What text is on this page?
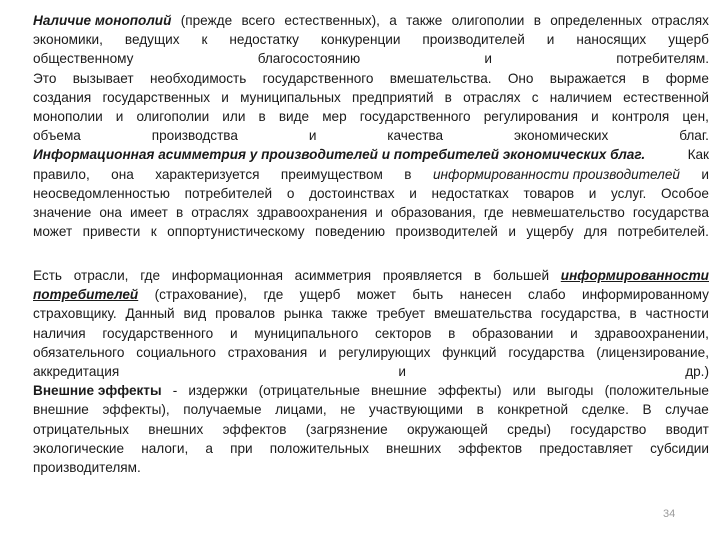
Наличие монополий (прежде всего естественных), а также олигополии в определенных отраслях
экономики, ведущих к недостатку конкуренции производителей и наносящих ущерб
общественному	благосостоянию	и	потребителям.
Это вызывает необходимость государственного вмешательства. Оно выражается в форме
создания государственных и муниципальных предприятий в отраслях с наличием естественной
монополии и олигополии или в виде мер государственного регулирования и контроля цен,
объема	производства	и	качества	экономических	благ.
Информационная асимметрия у производителей и потребителей экономических благ.	Как
правило, она характеризуется преимуществом в информированности производителей и
неосведомленностью потребителей о достоинствах и недостатках товаров и услуг. Особое
значение она имеет в отраслях здравоохранения и образования, где невмешательство государства
может привести к оппортунистическому поведению производителей и ущербу для потребителей.
Есть отрасли, где информационная асимметрия проявляется в большей информированности
потребителей (страхование), где ущерб может быть нанесен слабо информированному
страховщику. Данный вид провалов рынка также требует вмешательства государства, в частности
наличия государственного и муниципального секторов в образовании и здравоохранении,
обязательного социального страхования и регулирующих функций государства (лицензирование,
аккредитация	и	др.)
Внешние эффекты - издержки (отрицательные внешние эффекты) или выгоды (положительные
внешние эффекты), получаемые лицами, не участвующими в конкретной сделке. В случае
отрицательных внешних эффектов (загрязнение окружающей среды) государство вводит
экологические налоги, а при положительных внешних эффектов предоставляет субсидии
производителям.
34
